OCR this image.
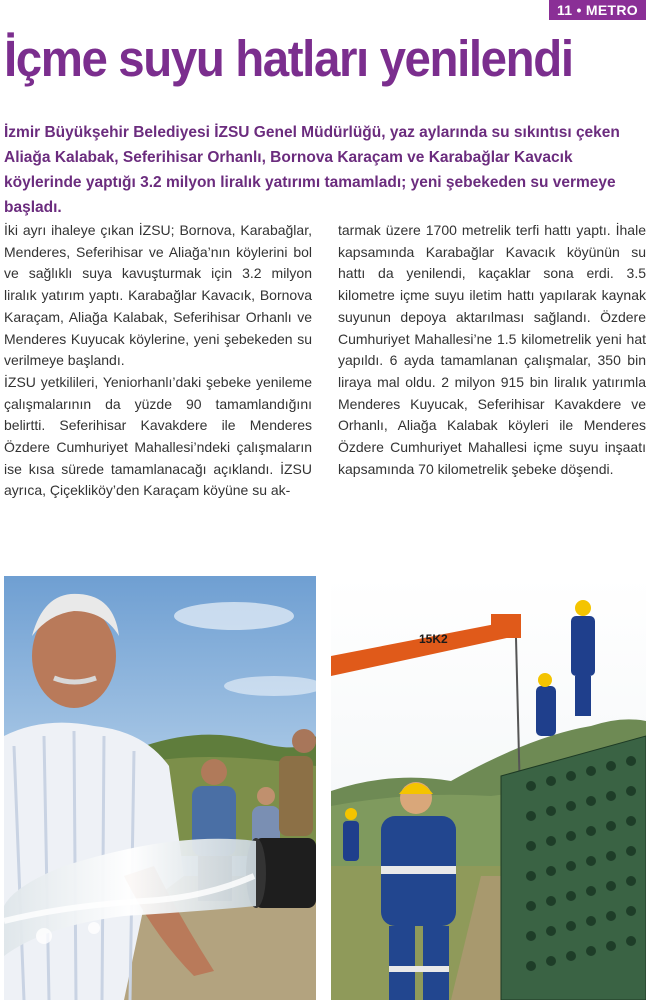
11 • METRO
İçme suyu hatları yenilendi

İzmir Büyükşehir Belediyesi İZSU Genel Müdürlüğü, yaz aylarında su sıkıntısı çeken Aliağa Kalabak, Seferihisar Orhanlı, Bornova Karaçam ve Karabağlar Kavacık köylerinde yaptığı 3.2 milyon liralık yatırımı tamamladı; yeni şebekeden su vermeye başladı.

İki ayrı ihaleye çıkan İZSU; Bornova, Karabağlar, Menderes, Seferihisar ve Aliağa’nın köylerini bol ve sağlıklı suya kavuşturmak için 3.2 milyon liralık yatırım yaptı. Karabağlar Kavacık, Bornova Karaçam, Aliağa Kalabak, Seferihisar Orhanlı ve Menderes Kuyucak köylerine, yeni şebekeden su verilmeye başlandı.

İZSU yetkilileri, Yeniorhanlı’daki şebeke yenileme çalışmalarının da yüzde 90 tamamlandığını belirtti. Seferihisar Kavakdere ile Menderes Özdere Cumhuriyet Mahallesi’ndeki çalışmaların ise kısa sürede tamamlanacağı açıklandı. İZSU ayrıca, Çiçekliköy’den Karaçam köyüne su ak-

tarmak üzere 1700 metrelik terfi hattı yaptı. İhale kapsamında Karabağlar Kavacık köyünün su hattı da yenilendi, kaçaklar sona erdi. 3.5 kilometre içme suyu iletim hattı yapılarak kaynak suyunun depoya aktarılması sağlandı. Özdere Cumhuriyet Mahallesi’ne 1.5 kilometrelik yeni hat yapıldı. 6 ayda tamamlanan çalışmalar, 350 bin liraya mal oldu. 2 milyon 915 bin liralık yatırımla Menderes Kuyucak, Seferihisar Kavakdere ve Orhanlı, Aliağa Kalabak köyleri ile Menderes Özdere Cumhuriyet Mahallesi içme suyu inşaatı kapsamında 70 kilometrelik şebeke döşendi.

15K2
